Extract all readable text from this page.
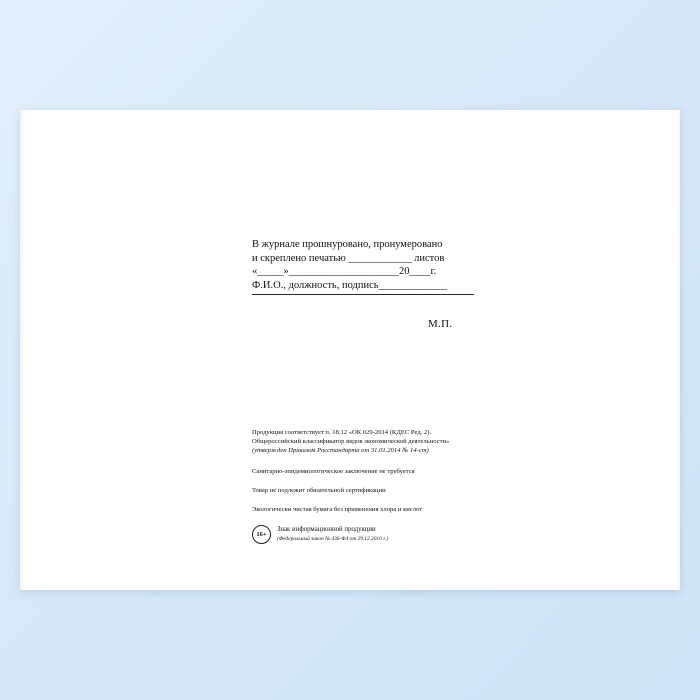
В журнале прошнуровано, пронумеровано
и скреплено печатью _____________ листов
«_____»_____________________20____г.
Ф.И.О., должность, подпись______________
М.П.
Продукция соответствует п. 18.12 «ОК 029-2014 (КДЕС Ред. 2).
Общероссийский классификатор видов экономической деятельности»
(утвержден Приказом Росстандарта от 31.01.2014 № 14-ст)
Санитарно-эпидемиологическое заключение не требуется
Товар не подлежит обязательной сертификации
Экологически чистая бумага без применения хлора и кислот
16+
Знак информационной продукции
(Федеральный закон № 436-ФЗ от 29.12.2010 г.)
